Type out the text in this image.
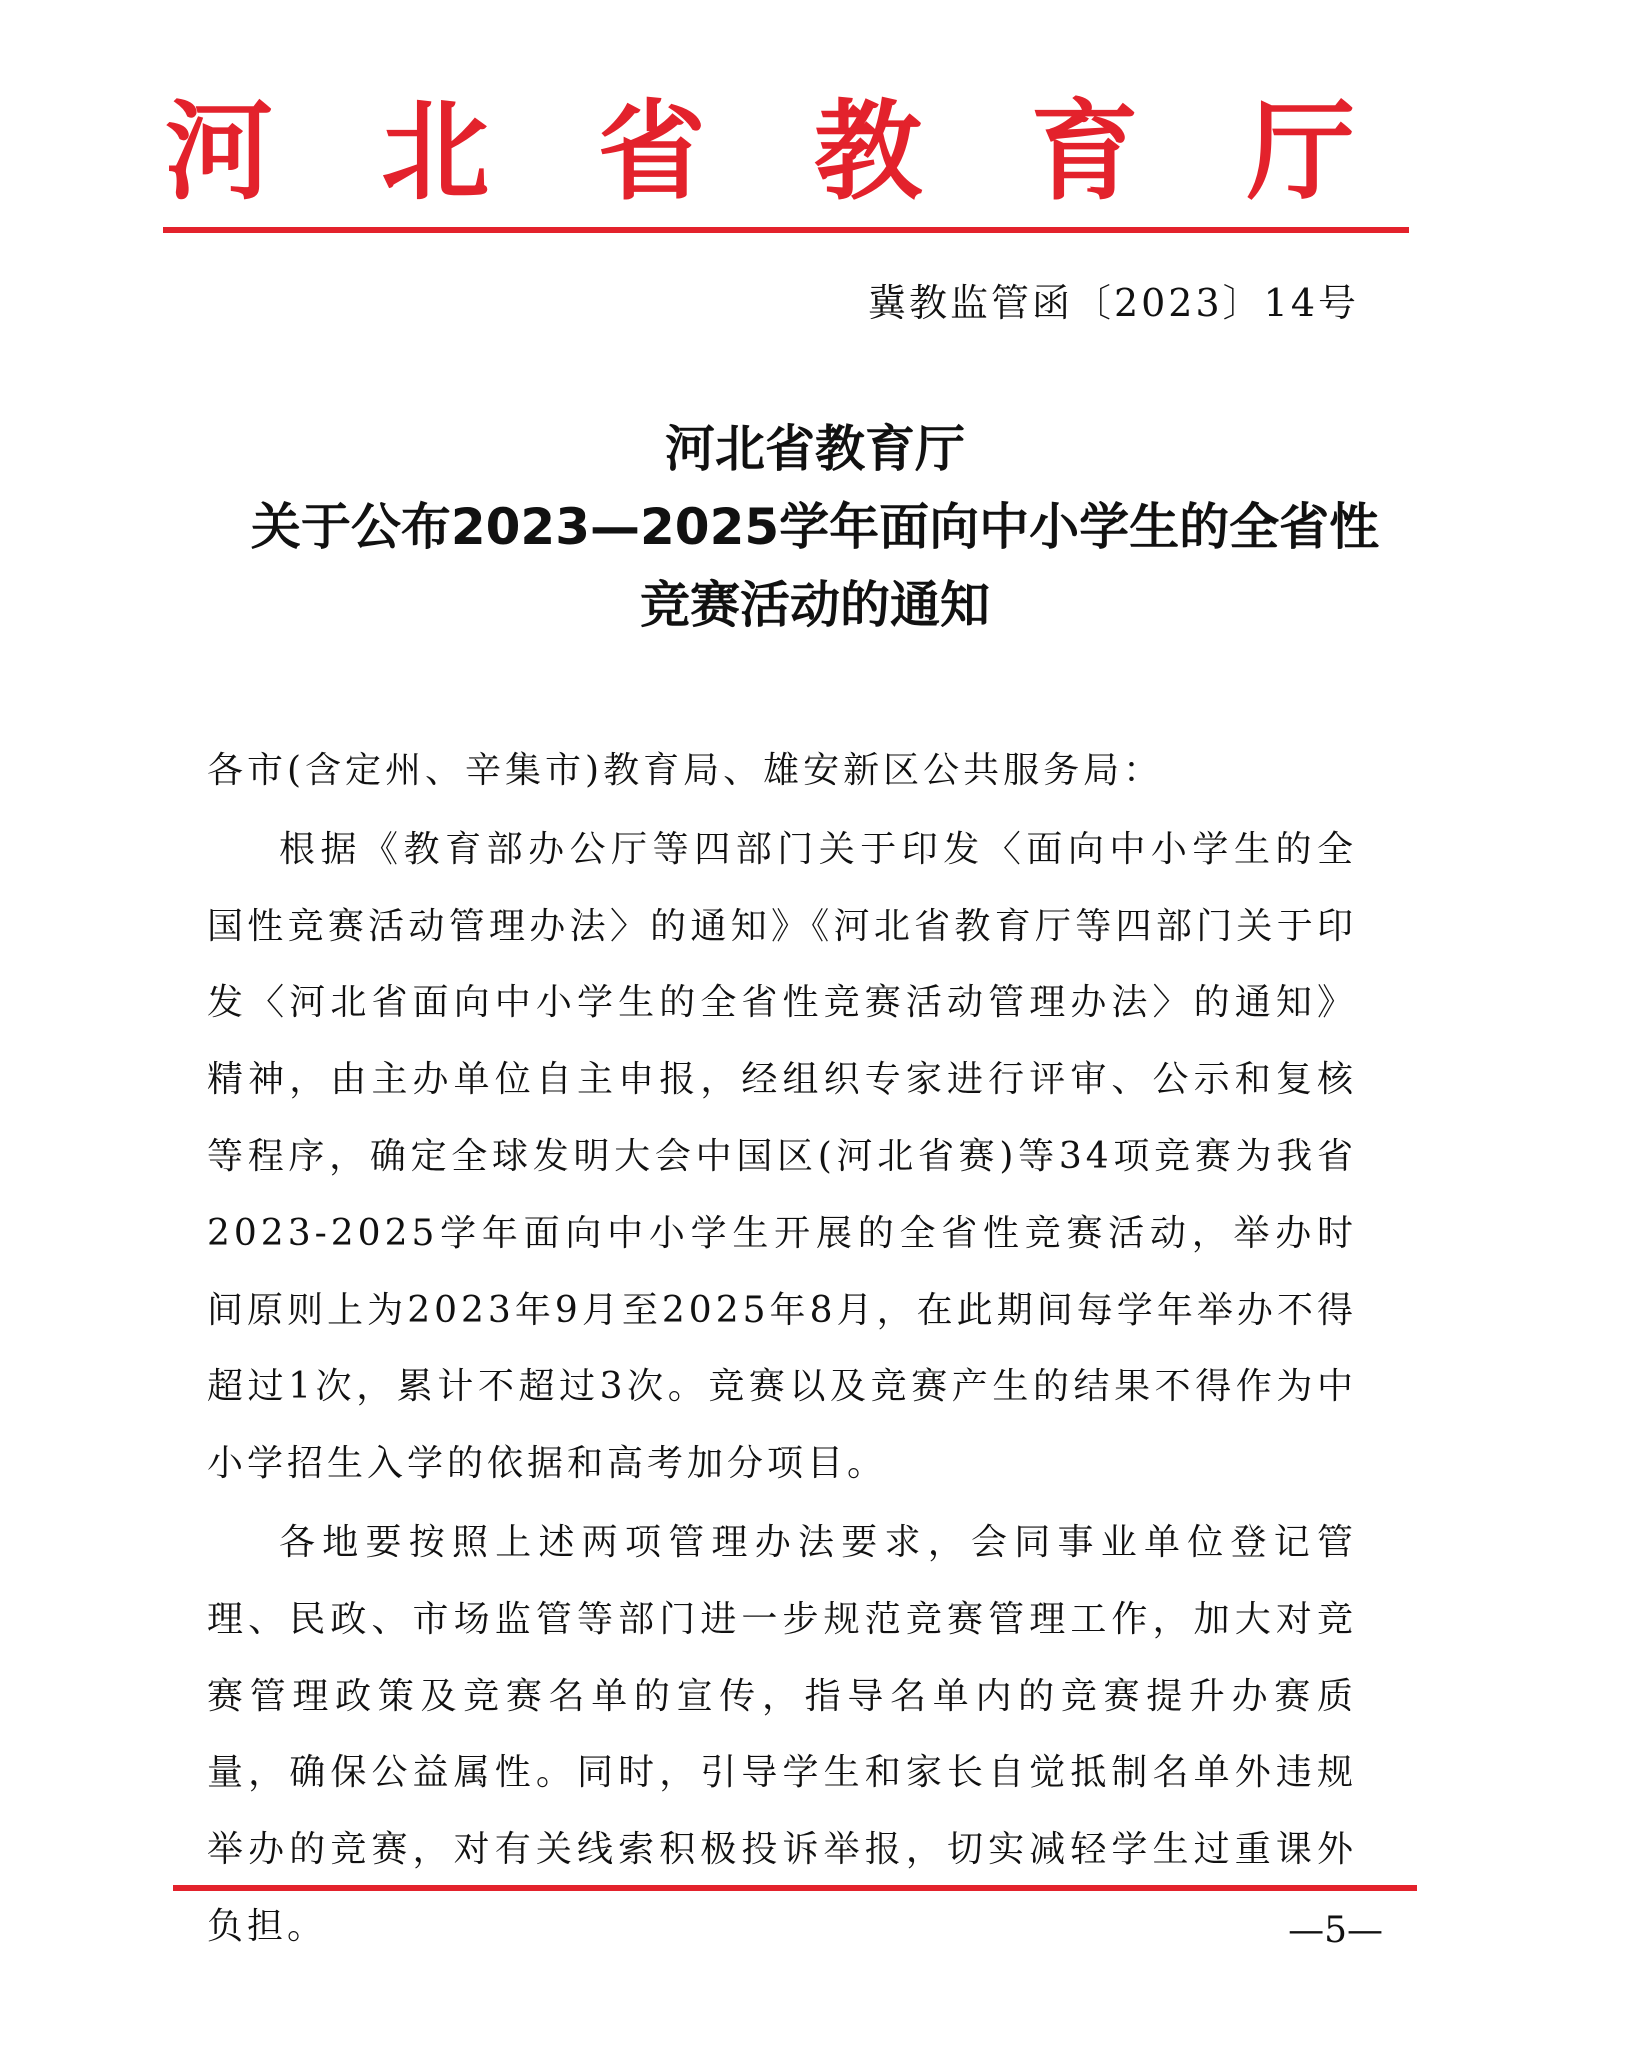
河 北 省 教 育 厅
冀教监管函〔2023〕14号
河北省教育厅
关于公布2023—2025学年面向中小学生的全省性
竞赛活动的通知

各市(含定州、辛集市)教育局、雄安新区公共服务局：

根据《教育部办公厅等四部门关于印发〈面向中小学生的全国性竞赛活动管理办法〉的通知》《河北省教育厅等四部门关于印发〈河北省面向中小学生的全省性竞赛活动管理办法〉的通知》精神，由主办单位自主申报，经组织专家进行评审、公示和复核等程序，确定全球发明大会中国区(河北省赛)等34项竞赛为我省2023-2025学年面向中小学生开展的全省性竞赛活动，举办时间原则上为2023年9月至2025年8月，在此期间每学年举办不得超过1次，累计不超过3次。竞赛以及竞赛产生的结果不得作为中小学招生入学的依据和高考加分项目。

各地要按照上述两项管理办法要求，会同事业单位登记管理、民政、市场监管等部门进一步规范竞赛管理工作，加大对竞赛管理政策及竞赛名单的宣传，指导名单内的竞赛提升办赛质量，确保公益属性。同时，引导学生和家长自觉抵制名单外违规举办的竞赛，对有关线索积极投诉举报，切实减轻学生过重课外负担。	—5—
